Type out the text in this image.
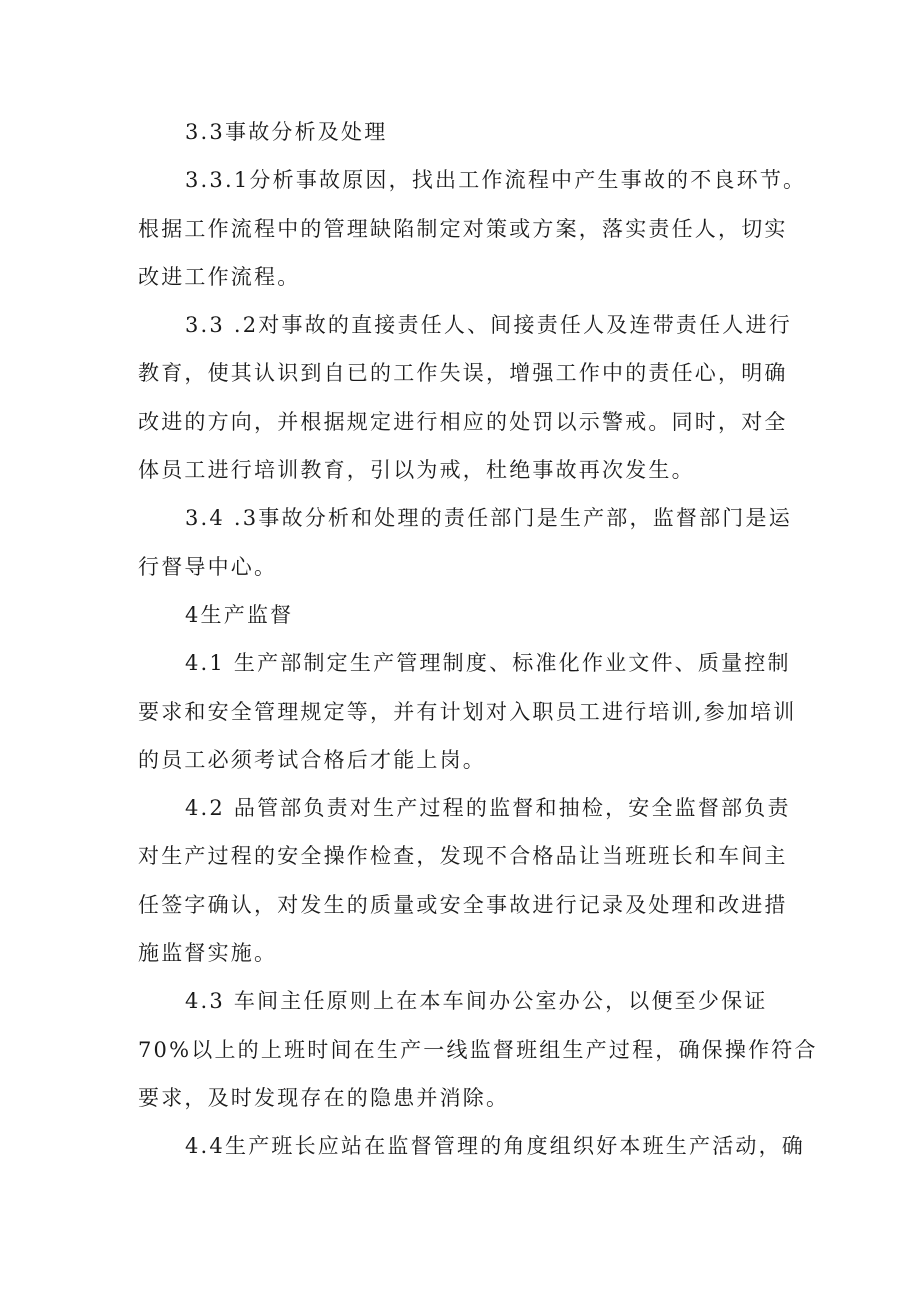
3.3事故分析及处理

3.3.1分析事故原因，找出工作流程中产生事故的不良环节。
根据工作流程中的管理缺陷制定对策或方案，落实责任人，切实
改进工作流程。

3.3 .2对事故的直接责任人、间接责任人及连带责任人进行
教育，使其认识到自已的工作失误，增强工作中的责任心，明确
改进的方向，并根据规定进行相应的处罚以示警戒。同时，对全
体员工进行培训教育，引以为戒，杜绝事故再次发生。

3.4 .3事故分析和处理的责任部门是生产部，监督部门是运
行督导中心。

4生产监督

4.1 生产部制定生产管理制度、标准化作业文件、质量控制
要求和安全管理规定等，并有计划对入职员工进行培训,参加培训
的员工必须考试合格后才能上岗。

4.2 品管部负责对生产过程的监督和抽检，安全监督部负责
对生产过程的安全操作检查，发现不合格品让当班班长和车间主
任签字确认，对发生的质量或安全事故进行记录及处理和改进措
施监督实施。

4.3 车间主任原则上在本车间办公室办公，以便至少保证
70%以上的上班时间在生产一线监督班组生产过程，确保操作符合
要求，及时发现存在的隐患并消除。

4.4生产班长应站在监督管理的角度组织好本班生产活动，确
